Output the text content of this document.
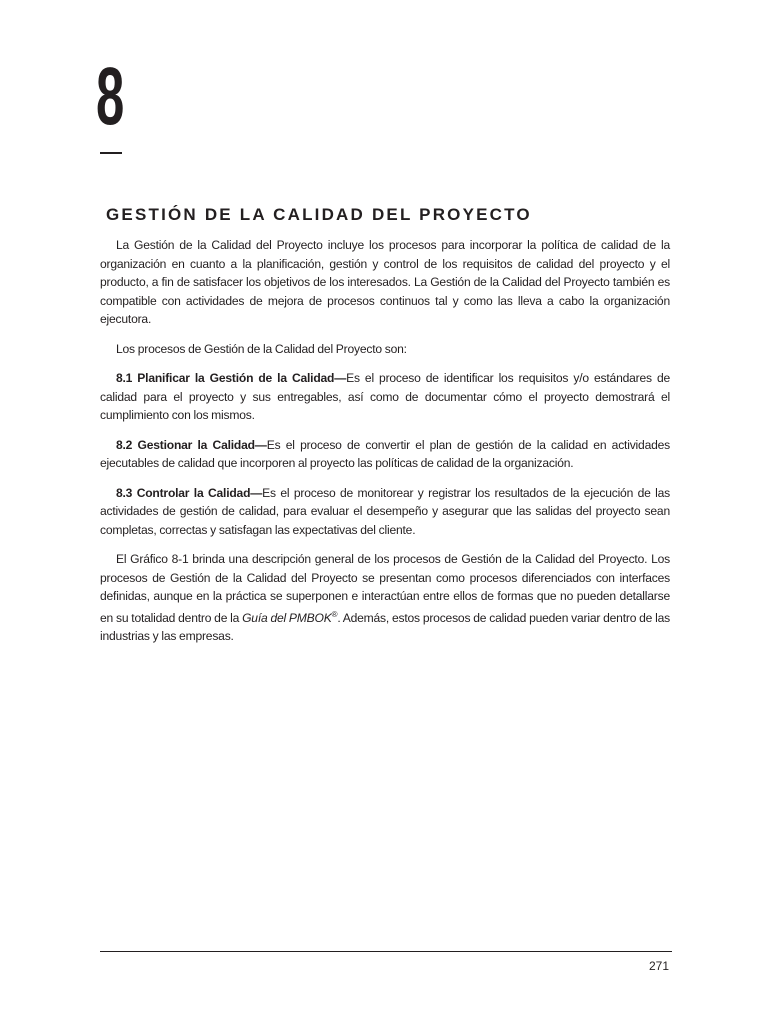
8
GESTIÓN DE LA CALIDAD DEL PROYECTO

La Gestión de la Calidad del Proyecto incluye los procesos para incorporar la política de calidad de la organización en cuanto a la planificación, gestión y control de los requisitos de calidad del proyecto y el producto, a fin de satisfacer los objetivos de los interesados. La Gestión de la Calidad del Proyecto también es compatible con actividades de mejora de procesos continuos tal y como las lleva a cabo la organización ejecutora.

Los procesos de Gestión de la Calidad del Proyecto son:

8.1 Planificar la Gestión de la Calidad—Es el proceso de identificar los requisitos y/o estándares de calidad para el proyecto y sus entregables, así como de documentar cómo el proyecto demostrará el cumplimiento con los mismos.

8.2 Gestionar la Calidad—Es el proceso de convertir el plan de gestión de la calidad en actividades ejecutables de calidad que incorporen al proyecto las políticas de calidad de la organización.

8.3 Controlar la Calidad—Es el proceso de monitorear y registrar los resultados de la ejecución de las actividades de gestión de calidad, para evaluar el desempeño y asegurar que las salidas del proyecto sean completas, correctas y satisfagan las expectativas del cliente.

El Gráfico 8-1 brinda una descripción general de los procesos de Gestión de la Calidad del Proyecto. Los procesos de Gestión de la Calidad del Proyecto se presentan como procesos diferenciados con interfaces definidas, aunque en la práctica se superponen e interactúan entre ellos de formas que no pueden detallarse en su totalidad dentro de la Guía del PMBOK®. Además, estos procesos de calidad pueden variar dentro de las industrias y las empresas.

271
